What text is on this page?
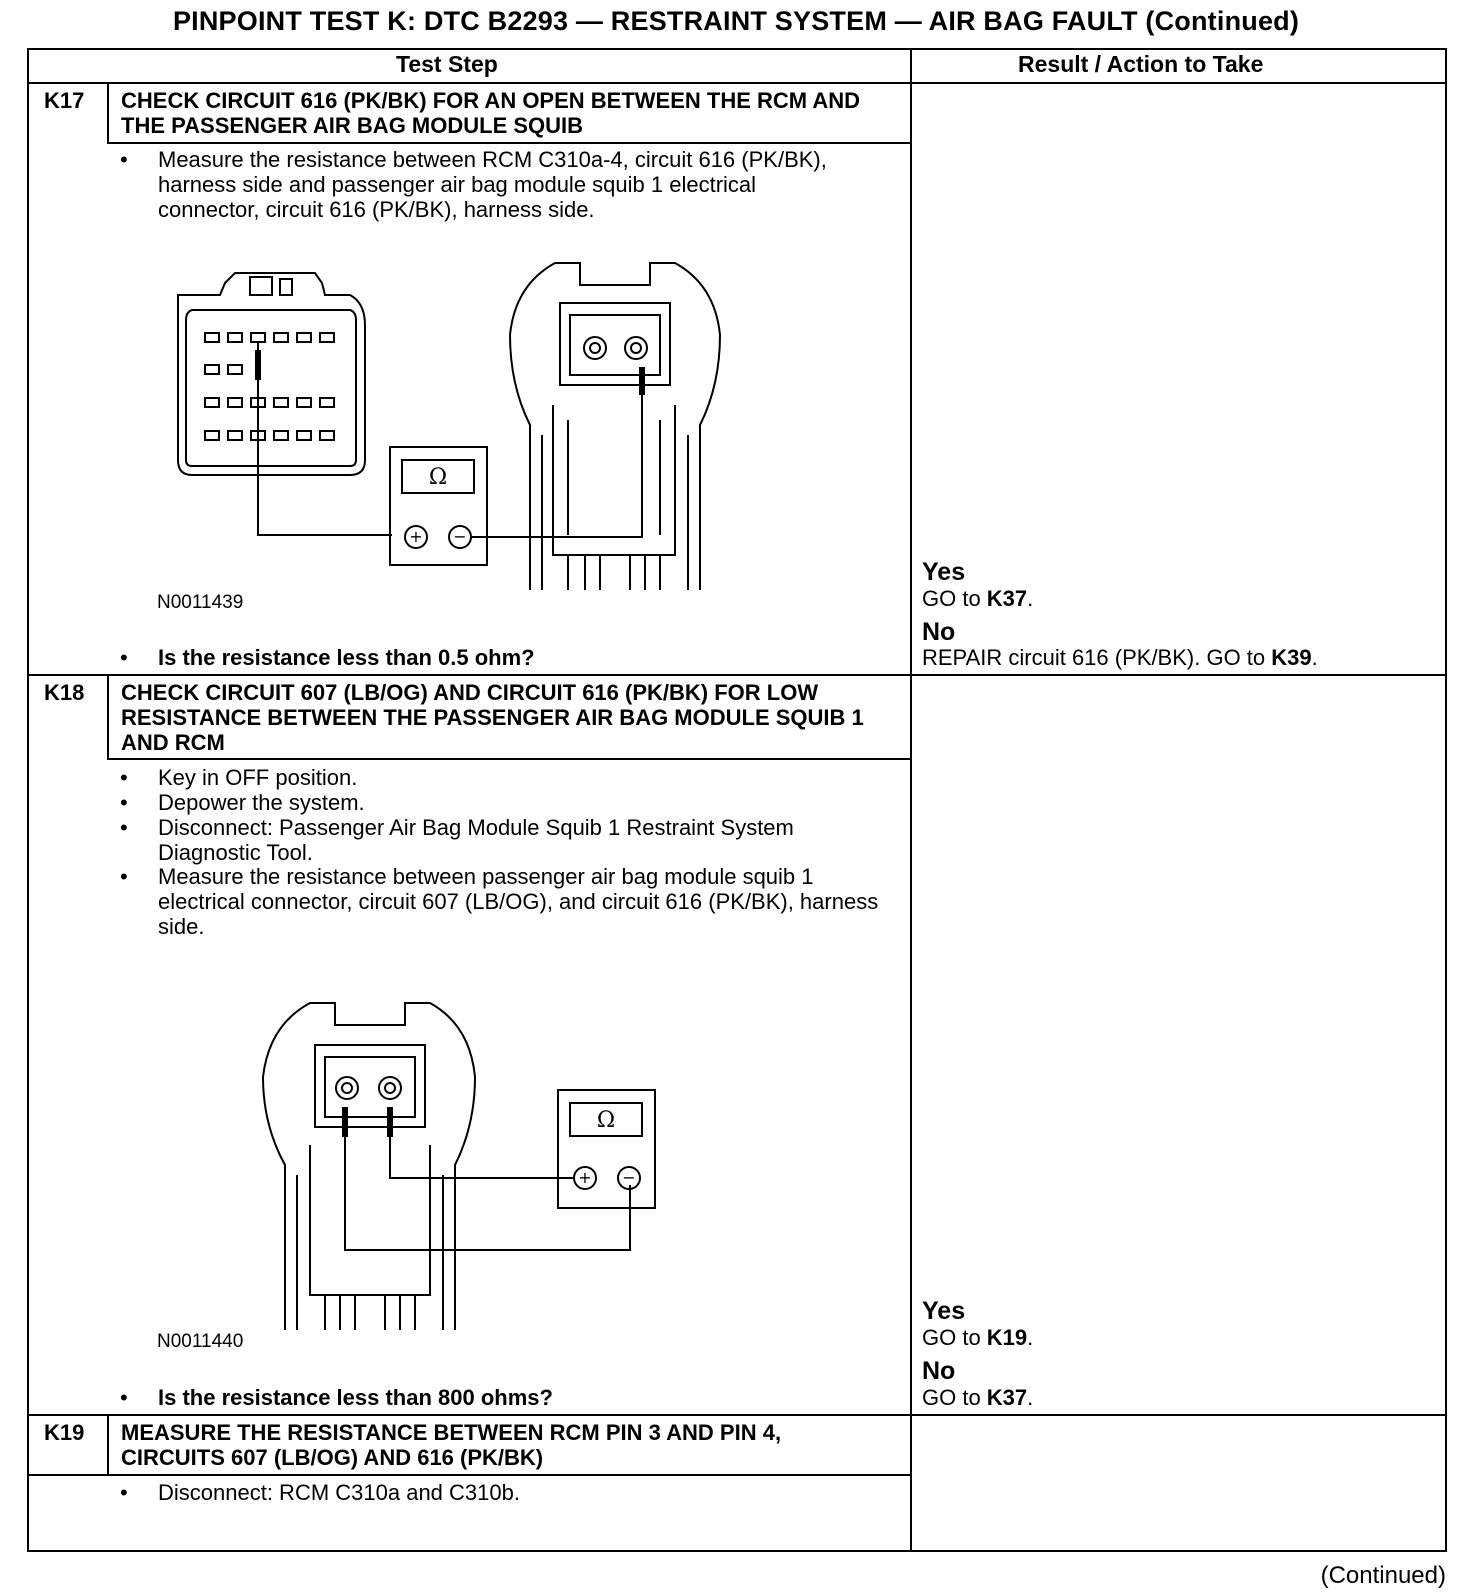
PINPOINT TEST K: DTC B2293 — RESTRAINT SYSTEM — AIR BAG FAULT (Continued)
Test Step	Result / Action to Take
K17 CHECK CIRCUIT 616 (PK/BK) FOR AN OPEN BETWEEN THE RCM AND THE PASSENGER AIR BAG MODULE SQUIB
• Measure the resistance between RCM C310a-4, circuit 616 (PK/BK), harness side and passenger air bag module squib 1 electrical connector, circuit 616 (PK/BK), harness side.
Ω
+ −
N0011439
• Is the resistance less than 0.5 ohm?
Yes
GO to K37.
No
REPAIR circuit 616 (PK/BK). GO to K39.
K18 CHECK CIRCUIT 607 (LB/OG) AND CIRCUIT 616 (PK/BK) FOR LOW RESISTANCE BETWEEN THE PASSENGER AIR BAG MODULE SQUIB 1 AND RCM
• Key in OFF position.
• Depower the system.
• Disconnect: Passenger Air Bag Module Squib 1 Restraint System Diagnostic Tool.
• Measure the resistance between passenger air bag module squib 1 electrical connector, circuit 607 (LB/OG), and circuit 616 (PK/BK), harness side.
Ω
+ −
N0011440
• Is the resistance less than 800 ohms?
Yes
GO to K19.
No
GO to K37.
K19 MEASURE THE RESISTANCE BETWEEN RCM PIN 3 AND PIN 4, CIRCUITS 607 (LB/OG) AND 616 (PK/BK)
• Disconnect: RCM C310a and C310b.
(Continued)
